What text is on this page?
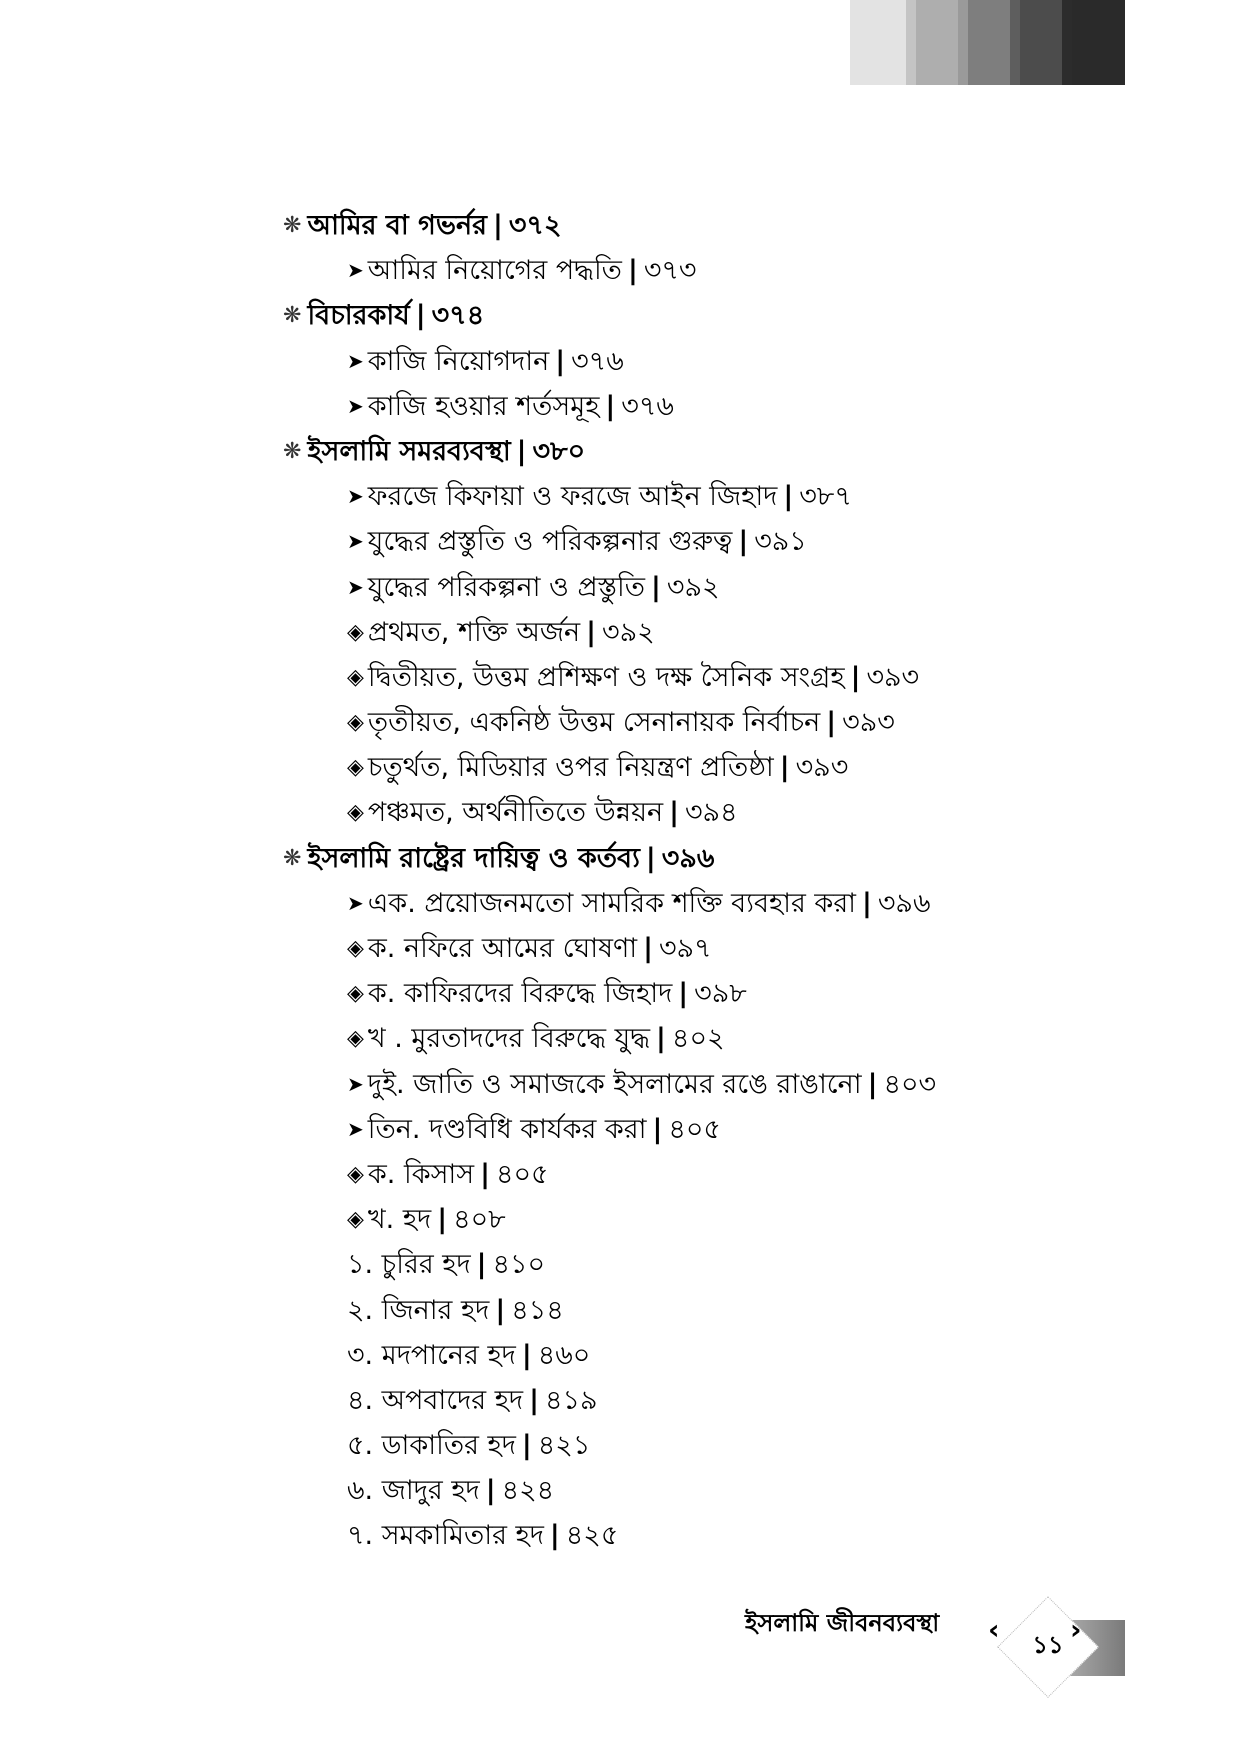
❋ আমির বা গভর্নর | ৩৭২
➤ আমির নিয়োগের পদ্ধতি | ৩৭৩
❋ বিচারকার্য | ৩৭৪
➤ কাজি নিয়োগদান | ৩৭৬
➤ কাজি হওয়ার শর্তসমূহ | ৩৭৬
❋ ইসলামি সমরব্যবস্থা | ৩৮০
➤ ফরজে কিফায়া ও ফরজে আইন জিহাদ | ৩৮৭
➤ যুদ্ধের প্রস্তুতি ও পরিকল্পনার গুরুত্ব | ৩৯১
➤ যুদ্ধের পরিকল্পনা ও প্রস্তুতি | ৩৯২
◈ প্রথমত, শক্তি অর্জন | ৩৯২
◈ দ্বিতীয়ত, উত্তম প্রশিক্ষণ ও দক্ষ সৈনিক সংগ্রহ | ৩৯৩
◈ তৃতীয়ত, একনিষ্ঠ উত্তম সেনানায়ক নির্বাচন | ৩৯৩
◈ চতুর্থত, মিডিয়ার ওপর নিয়ন্ত্রণ প্রতিষ্ঠা | ৩৯৩
◈ পঞ্চমত, অর্থনীতিতে উন্নয়ন | ৩৯৪
❋ ইসলামি রাষ্ট্রের দায়িত্ব ও কর্তব্য | ৩৯৬
➤ এক. প্রয়োজনমতো সামরিক শক্তি ব্যবহার করা | ৩৯৬
◈ ক. নফিরে আমের ঘোষণা | ৩৯৭
◈ ক. কাফিরদের বিরুদ্ধে জিহাদ | ৩৯৮
◈ খ . মুরতাদদের বিরুদ্ধে যুদ্ধ | ৪০২
➤ দুই. জাতি ও সমাজকে ইসলামের রঙে রাঙানো | ৪০৩
➤ তিন. দণ্ডবিধি কার্যকর করা | ৪০৫
◈ ক. কিসাস | ৪০৫
◈ খ. হদ | ৪০৮
১. চুরির হদ | ৪১০
২. জিনার হদ | ৪১৪
৩. মদপানের হদ | ৪৬০
৪. অপবাদের হদ | ৪১৯
৫. ডাকাতির হদ | ৪২১
৬. জাদুর হদ | ৪২৪
৭. সমকামিতার হদ | ৪২৫
ইসলামি জীবনব্যবস্থা
১১
‹	›
